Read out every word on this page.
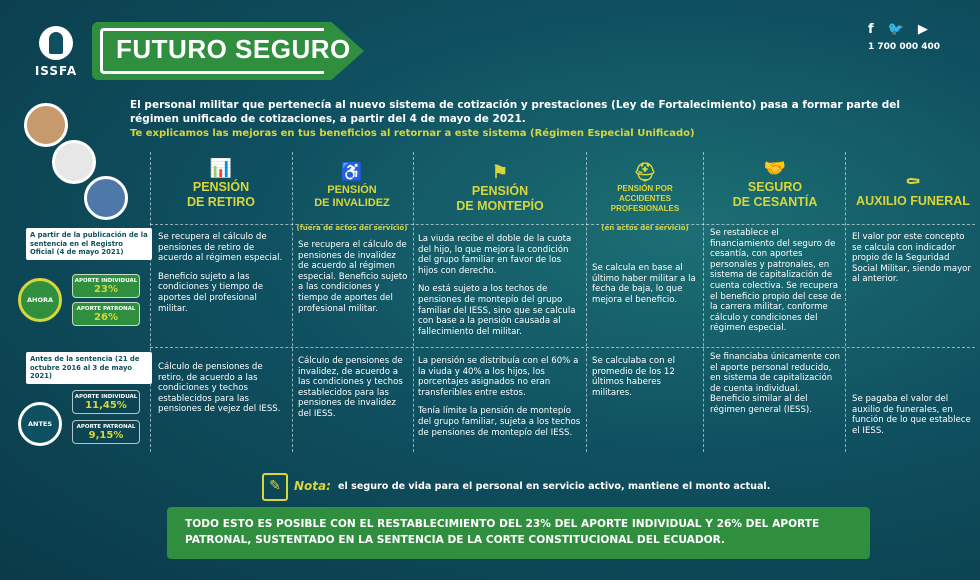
ISSFA
FUTURO SEGURO
f 🐦 ▶
1 700 000 400
El personal militar que pertenecía al nuevo sistema de cotización y prestaciones (Ley de Fortalecimiento) pasa a formar parte del régimen unificado de cotizaciones, a partir del 4 de mayo de 2021.
Te explicamos las mejoras en tus beneficios al retornar a este sistema (Régimen Especial Unificado)
📊
PENSIÓN
DE RETIRO
♿
PENSIÓN
DE INVALIDEZ
(fuera de actos del servicio)
⚑
PENSIÓN
DE MONTEPÍO
⛑
PENSIÓN POR
ACCIDENTES
PROFESIONALES
(en actos del servicio)
🤝
SEGURO
DE CESANTÍA
⚰
AUXILIO FUNERAL
A partir de la publicación de la sentencia en el Registro Oficial (4 de mayo 2021)
AHORA
APORTE INDIVIDUAL
23%
APORTE PATRONAL
26%

Se recupera el cálculo de pensiones de retiro de acuerdo al régimen especial.

Beneficio sujeto a las condiciones y tiempo de aportes del profesional militar.

Se recupera el cálculo de pensiones de invalidez de acuerdo al régimen especial. Beneficio sujeto a las condiciones y tiempo de aportes del profesional militar.

La viuda recibe el doble de la cuota del hijo, lo que mejora la condición del grupo familiar en favor de los hijos con derecho.

No está sujeto a los techos de pensiones de montepío del grupo familiar del IESS, sino que se calcula con base a la pensión causada al fallecimiento del militar.

Se calcula en base al último haber militar a la fecha de baja, lo que mejora el beneficio.

Se restablece el financiamiento del seguro de cesantía, con aportes personales y patronales, en sistema de capitalización de cuenta colectiva. Se recupera el beneficio propio del cese de la carrera militar, conforme cálculo y condiciones del régimen especial.

El valor por este concepto se calcula con indicador propio de la Seguridad Social Militar, siendo mayor al anterior.

Antes de la sentencia (21 de octubre 2016 al 3 de mayo 2021)
ANTES
APORTE INDIVIDUAL
11,45%
APORTE PATRONAL
9,15%

Cálculo de pensiones de retiro, de acuerdo a las condiciones y techos establecidos para las pensiones de vejez del IESS.

Cálculo de pensiones de invalidez, de acuerdo a las condiciones y techos establecidos para las pensiones de invalidez del IESS.

La pensión se distribuía con el 60% a la viuda y 40% a los hijos, los porcentajes asignados no eran transferibles entre estos.

Tenía límite la pensión de montepío del grupo familiar, sujeta a los techos de pensiones de montepío del IESS.

Se calculaba con el promedio de los 12 últimos haberes militares.

Se financiaba únicamente con el aporte personal reducido, en sistema de capitalización de cuenta individual. Beneficio similar al del régimen general (IESS).

Se pagaba el valor del auxilio de funerales, en función de lo que establece el IESS.

✎	Nota: el seguro de vida para el personal en servicio activo, mantiene el monto actual.
TODO ESTO ES POSIBLE CON EL RESTABLECIMIENTO DEL 23% DEL APORTE INDIVIDUAL Y 26% DEL APORTE PATRONAL, SUSTENTADO EN LA SENTENCIA DE LA CORTE CONSTITUCIONAL DEL ECUADOR.
